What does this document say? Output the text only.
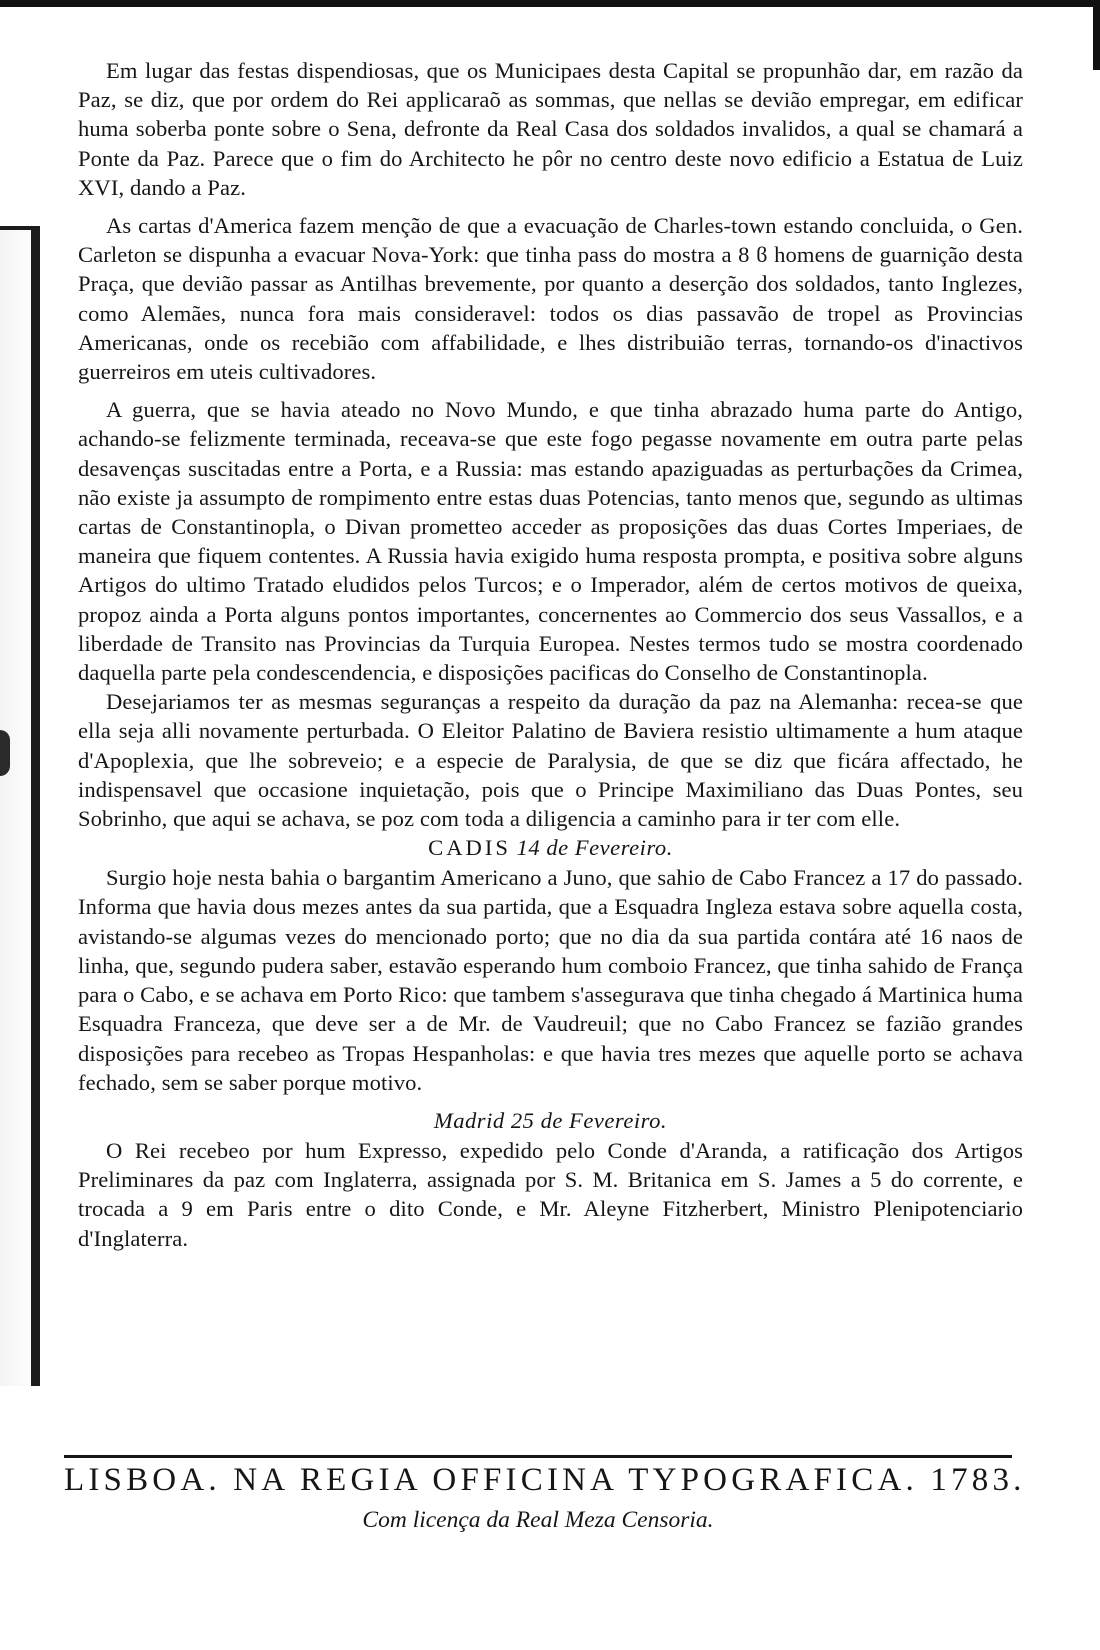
Em lugar das festas dispendiosas, que os Municipaes desta Capital se propunhão dar, em razão da Paz, se diz, que por ordem do Rei applicaraõ as sommas, que nellas se devião empregar, em edificar huma soberba ponte sobre o Sena, defronte da Real Casa dos soldados invalidos, a qual se chamará a Ponte da Paz. Parece que o fim do Architecto he pôr no centro deste novo edificio a Estatua de Luiz XVI, dando a Paz.

As cartas d'America fazem menção de que a evacuação de Charles-town estando concluida, o Gen. Carleton se dispunha a evacuar Nova-York: que tinha pass do mostra a 8 ϐ homens de guarnição desta Praça, que devião passar as Antilhas brevemente, por quanto a deserção dos soldados, tanto Inglezes, como Alemães, nunca fora mais consideravel: todos os dias passavão de tropel as Provincias Americanas, onde os recebião com affabilidade, e lhes distribuião terras, tornando-os d'inactivos guerreiros em uteis cultivadores.

A guerra, que se havia ateado no Novo Mundo, e que tinha abrazado huma parte do Antigo, achando-se felizmente terminada, receava-se que este fogo pegasse novamente em outra parte pelas desavenças suscitadas entre a Porta, e a Russia: mas estando apaziguadas as perturbações da Crimea, não existe ja assumpto de rompimento entre estas duas Potencias, tanto menos que, segundo as ultimas cartas de Constantinopla, o Divan prometteo acceder as proposições das duas Cortes Imperiaes, de maneira que fiquem contentes. A Russia havia exigido huma resposta prompta, e positiva sobre alguns Artigos do ultimo Tratado eludidos pelos Turcos; e o Imperador, além de certos motivos de queixa, propoz ainda a Porta alguns pontos importantes, concernentes ao Commercio dos seus Vassallos, e a liberdade de Transito nas Provincias da Turquia Europea. Nestes termos tudo se mostra coordenado daquella parte pela condescendencia, e disposições pacificas do Conselho de Constantinopla.

Desejariamos ter as mesmas seguranças a respeito da duração da paz na Alemanha: recea-se que ella seja alli novamente perturbada. O Eleitor Palatino de Baviera resistio ultimamente a hum ataque d'Apoplexia, que lhe sobreveio; e a especie de Paralysia, de que se diz que ficára affectado, he indispensavel que occasione inquietação, pois que o Principe Maximiliano das Duas Pontes, seu Sobrinho, que aqui se achava, se poz com toda a diligencia a caminho para ir ter com elle.

CADIS 14 de Fevereiro.

Surgio hoje nesta bahia o bargantim Americano a Juno, que sahio de Cabo Francez a 17 do passado. Informa que havia dous mezes antes da sua partida, que a Esquadra Ingleza estava sobre aquella costa, avistando-se algumas vezes do mencionado porto; que no dia da sua partida contára até 16 naos de linha, que, segundo pudera saber, estavão esperando hum comboio Francez, que tinha sahido de França para o Cabo, e se achava em Porto Rico: que tambem s'assegurava que tinha chegado á Martinica huma Esquadra Franceza, que deve ser a de Mr. de Vaudreuil; que no Cabo Francez se fazião grandes disposições para recebeo as Tropas Hespanholas: e que havia tres mezes que aquelle porto se achava fechado, sem se saber porque motivo.

Madrid 25 de Fevereiro.

O Rei recebeo por hum Expresso, expedido pelo Conde d'Aranda, a ratificação dos Artigos Preliminares da paz com Inglaterra, assignada por S. M. Britanica em S. James a 5 do corrente, e trocada a 9 em Paris entre o dito Conde, e Mr. Aleyne Fitzherbert, Ministro Plenipotenciario d'Inglaterra.

LISBOA. NA REGIA OFFICINA TYPOGRAFICA. 1783.
Com licença da Real Meza Censoria.
